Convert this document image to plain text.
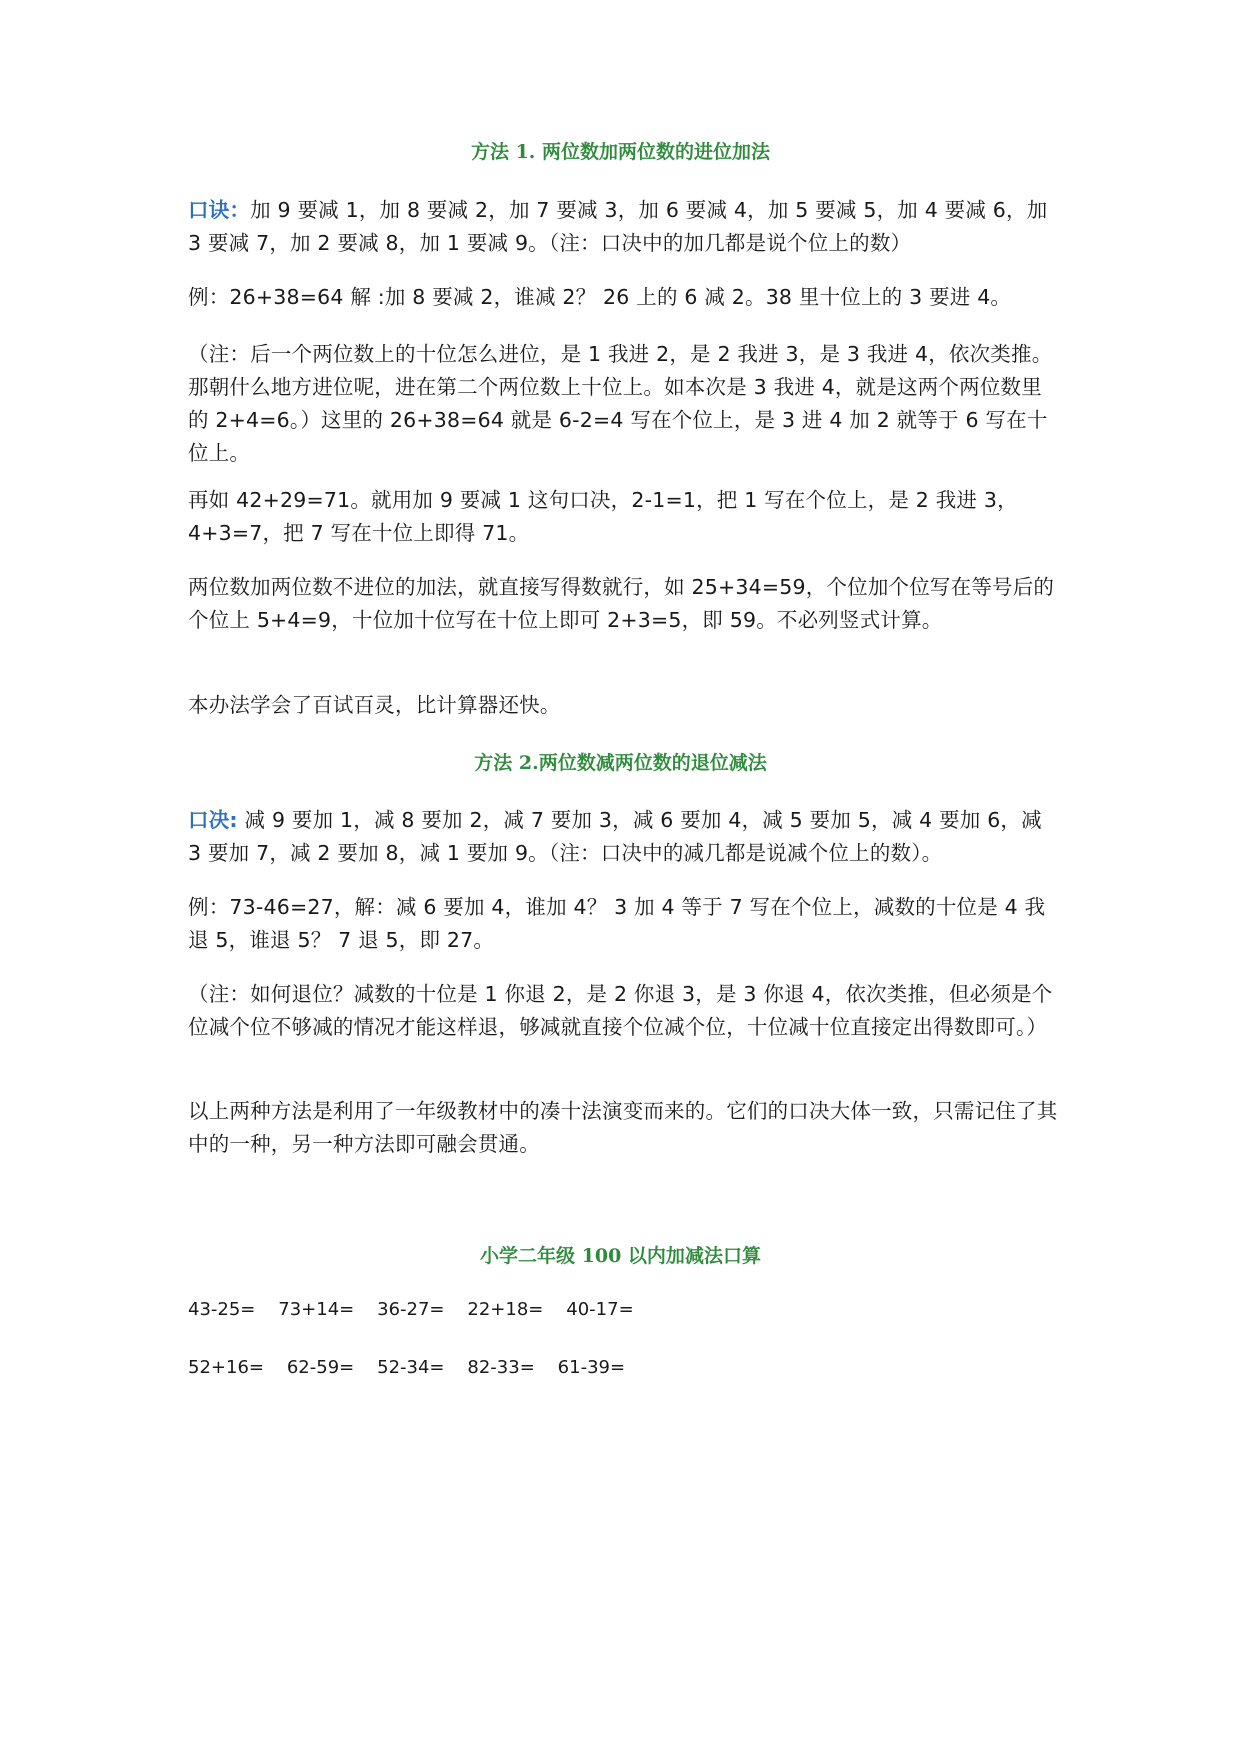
方法 1. 两位数加两位数的进位加法
口诀：加 9 要减 1，加 8 要减 2，加 7 要减 3，加 6 要减 4，加 5 要减 5，加 4 要减 6，加 3 要减 7，加 2 要减 8，加 1 要减 9。（注：口决中的加几都是说个位上的数）
例：26+38=64 解 :加 8 要减 2，谁减 2？ 26 上的 6 减 2。38 里十位上的 3 要进 4。
（注：后一个两位数上的十位怎么进位，是 1 我进 2，是 2 我进 3，是 3 我进 4，依次类推。那朝什么地方进位呢，进在第二个两位数上十位上。如本次是 3 我进 4，就是这两个两位数里的 2+4=6。）这里的 26+38=64 就是 6-2=4 写在个位上，是 3 进 4 加 2 就等于 6 写在十位上。
再如 42+29=71。就用加 9 要减 1 这句口决，2-1=1，把 1 写在个位上，是 2 我进 3，4+3=7，把 7 写在十位上即得 71。
两位数加两位数不进位的加法，就直接写得数就行，如 25+34=59，个位加个位写在等号后的个位上 5+4=9，十位加十位写在十位上即可 2+3=5，即 59。不必列竖式计算。
本办法学会了百试百灵，比计算器还快。
方法 2.两位数减两位数的退位减法
口决: 减 9 要加 1，减 8 要加 2，减 7 要加 3，减 6 要加 4，减 5 要加 5，减 4 要加 6，减 3 要加 7，减 2 要加 8，减 1 要加 9。（注：口决中的减几都是说减个位上的数）。
例：73-46=27，解：减 6 要加 4，谁加 4？ 3 加 4 等于 7 写在个位上，减数的十位是 4 我退 5，谁退 5？ 7 退 5，即 27。
（注：如何退位？减数的十位是 1 你退 2，是 2 你退 3，是 3 你退 4，依次类推，但必须是个位减个位不够减的情况才能这样退，够减就直接个位减个位，十位减十位直接定出得数即可。）
以上两种方法是利用了一年级教材中的凑十法演变而来的。它们的口决大体一致，只需记住了其中的一种，另一种方法即可融会贯通。
小学二年级 100 以内加减法口算
43-25=    73+14=    36-27=    22+18=    40-17=
52+16=    62-59=    52-34=    82-33=    61-39=
